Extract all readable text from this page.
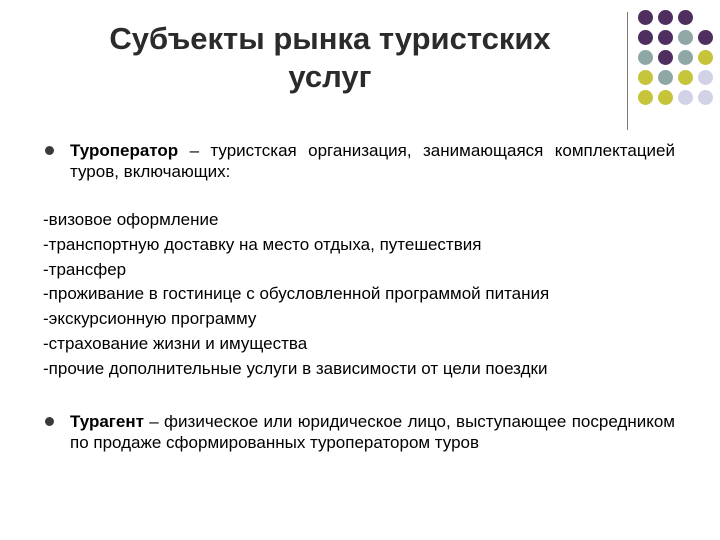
Субъекты рынка туристских
услуг
Туроператор – туристская организация, занимающаяся комплектацией туров, включающих:
-визовое оформление
-транспортную доставку на место отдыха, путешествия
-трансфер
-проживание в гостинице с обусловленной программой питания
-экскурсионную программу
-страхование жизни и имущества
-прочие дополнительные услуги в зависимости от цели поездки
Турагент – физическое или юридическое лицо, выступающее посредником по продаже сформированных туроператором туров
